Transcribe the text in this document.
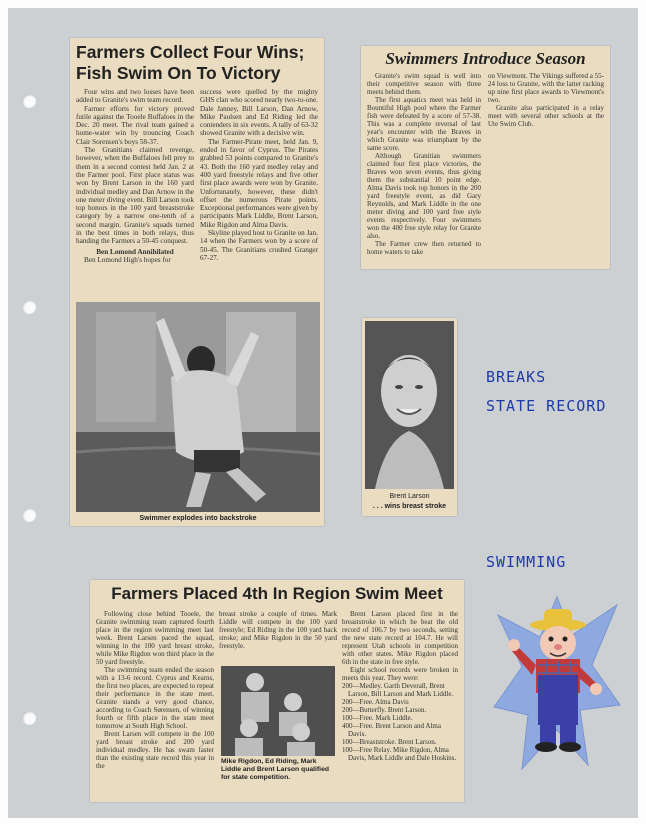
Farmers Collect Four Wins; Fish Swim On To Victory

Four wins and two losses have been added to Granite's swim team record.

Farmer efforts for victory proved futile against the Tooele Buffaloes in the Dec. 20 meet. The rival team gained a home-water win by trouncing Coach Clair Sorensen's boys 58-37.

The Granitians claimed revenge, however, when the Buffaloes fell prey to them in a second contest held Jan. 2 at the Farmer pool. First place status was won by Brent Larson in the 160 yard individual medley and Dan Arnow in the one meter diving event. Bill Larson took top honors in the 100 yard breaststroke category by a narrow one-tenth of a second margin. Granite's squads turned in the best times in both relays, thus handing the Farmers a 50-45 conquest.

Ben Lomond Annihilated

Ben Lomond High's hopes for

success were quelled by the mighty GHS clan who scored nearly two-to-one. Dale Janney, Bill Larson, Dan Arnow, Mike Paulsen and Ed Riding led the contenders in six events. A tally of 63-32 showed Granite with a decisive win.

The Farmer-Pirate meet, held Jan. 9, ended in favor of Cyprus. The Pirates grabbed 53 points compared to Granite's 43. Both the 160 yard medley relay and 400 yard freestyle relays and five other first place awards were won by Granite. Unfortunately, however, these didn't offset the numerous Pirate points. Exceptional performances were given by participants Mark Liddle, Brent Larson, Mike Rigdon and Alma Davis.

Skyline played host to Granite on Jan. 14 when the Farmers won by a score of 50-45. The Granitians crushed Granger 67-27.

Swimmer explodes into backstroke
Swimmers Introduce Season

Granite's swim squad is well into their competitive season with three meets behind them.

The first aquatics meet was held in Bountiful High pool where the Farmer fish were defeated by a score of 57-38. This was a complete reversal of last year's encounter with the Braves in which Granite was triumphant by the same score.

Although Granitian swimmers claimed four first place victories, the Braves won seven events, thus giving them the substantial 10 point edge. Alma Davis took top honors in the 200 yard freestyle event, as did Gary Reynolds, and Mark Liddle in the one meter diving and 100 yard free style events respectively. Four swimmers won the 400 free style relay for Granite also.

The Farmer crew then returned to home waters to take

on Viewmont. The Vikings suffered a 55-24 loss to Granite, with the latter racking up nine first place awards to Viewmont's two.

Granite also participated in a relay meet with several other schools at the Ute Swim Club.

Brent Larson
. . . wins breast stroke
BREAKS
STATE RECORD
SWIMMING
Farmers Placed 4th In Region Swim Meet

Following close behind Tooele, the Granite swimming team captured fourth place in the region swimming meet last week. Brent Larsen paced the squad, winning in the 100 yard breast stroke, while Mike Rigdon won third place in the 50 yard freestyle.

The swimming team ended the season with a 13-6 record. Cyprus and Kearns, the first two places, are expected to repeat their performance in the state meet. Granite stands a very good chance, according to Coach Sørensen, of winning fourth or fifth place in the state meet tomorrow at South High School.

Brent Larsen will compete in the 100 yard breast stroke and 200 yard individual medley. He has swam faster than the existing state record this year in the

breast stroke a couple of times. Mark Liddle will compete in the 100 yard freestyle; Ed Riding in the 100 yard back stroke; and Mike Rigdon in the 50 yard freestyle.

Mike Rigdon, Ed Riding, Mark Liddle and Brent Larson qualified for state competition.

Brent Larson placed first in the breaststroke in which he beat the old record of 106.7 by two seconds, setting the new state record at 104.7. He will represent Utah schools in competition with other states. Mike Rigdon placed 6th in the state in free style.

Eight school records were broken in meets this year. They were:

200—Medley. Garth Deverall, Brent Larson, Bill Larson and Mark Liddle.
200—Free. Alma Davis
200—Butterfly. Brent Larson.
100—Free. Mark Liddle.
400—Free. Brent Larson and Alma Davis.
100—Breaststroke. Brent Larson.
100—Free Relay. Mike Rigdon, Alma Davis, Mark Liddle and Dale Hoskins.
